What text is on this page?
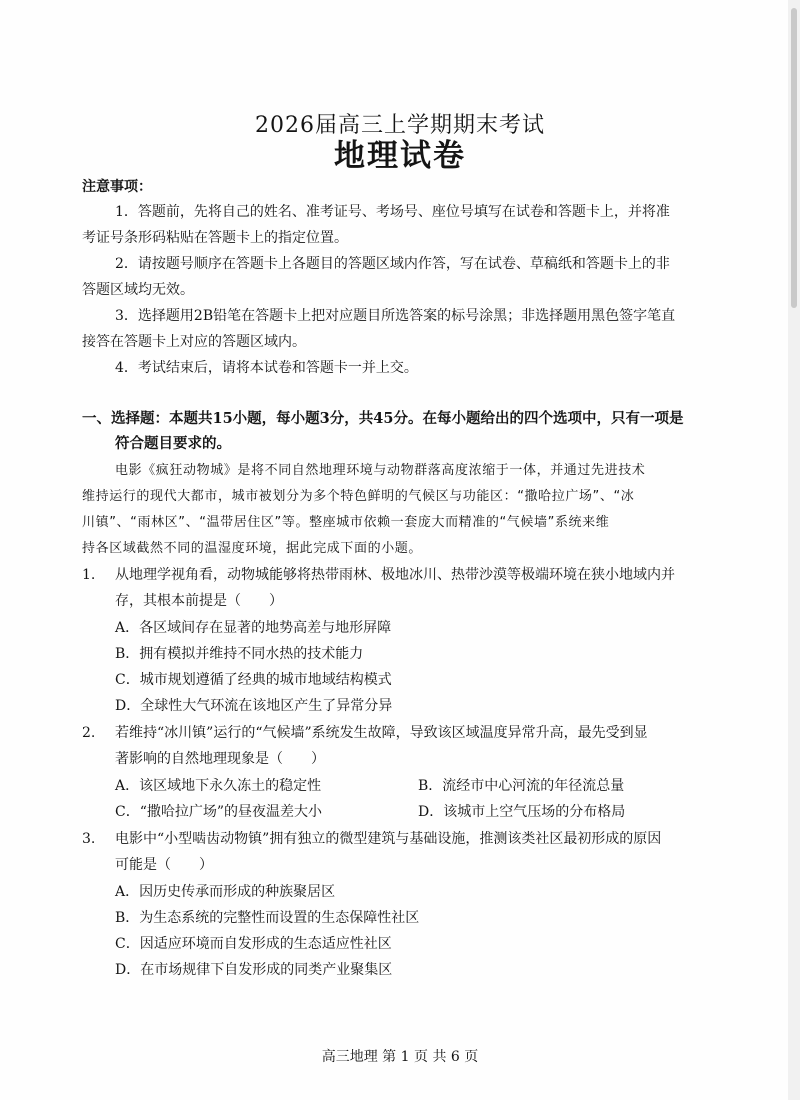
2026届高三上学期期末考试
地理试卷
注意事项：
1．答题前，先将自己的姓名、准考证号、考场号、座位号填写在试卷和答题卡上，并将准
考证号条形码粘贴在答题卡上的指定位置。
2．请按题号顺序在答题卡上各题目的答题区域内作答，写在试卷、草稿纸和答题卡上的非
答题区域均无效。
3．选择题用2B铅笔在答题卡上把对应题目所选答案的标号涂黑；非选择题用黑色签字笔直
接答在答题卡上对应的答题区域内。
4．考试结束后，请将本试卷和答题卡一并上交。
一、选择题：本题共15小题，每小题3分，共45分。在每小题给出的四个选项中，只有一项是
符合题目要求的。
电影《疯狂动物城》是将不同自然地理环境与动物群落高度浓缩于一体，并通过先进技术
维持运行的现代大都市，城市被划分为多个特色鲜明的气候区与功能区：“撒哈拉广场”、“冰
川镇”、“雨林区”、“温带居住区”等。整座城市依赖一套庞大而精准的“气候墙”系统来维
持各区域截然不同的温湿度环境，据此完成下面的小题。
1. 从地理学视角看，动物城能够将热带雨林、极地冰川、热带沙漠等极端环境在狭小地域内并
存，其根本前提是（　　）
A．各区域间存在显著的地势高差与地形屏障
B．拥有模拟并维持不同水热的技术能力
C．城市规划遵循了经典的城市地域结构模式
D．全球性大气环流在该地区产生了异常分异
2. 若维持“冰川镇”运行的“气候墙”系统发生故障，导致该区域温度异常升高，最先受到显
著影响的自然地理现象是（　　）
A．该区域地下永久冻土的稳定性	B．流经市中心河流的年径流总量
C．“撒哈拉广场”的昼夜温差大小	D．该城市上空气压场的分布格局
3. 电影中“小型啮齿动物镇”拥有独立的微型建筑与基础设施，推测该类社区最初形成的原因
可能是（　　）
A．因历史传承而形成的种族聚居区
B．为生态系统的完整性而设置的生态保障性社区
C．因适应环境而自发形成的生态适应性社区
D．在市场规律下自发形成的同类产业聚集区
高三地理 第 1 页 共 6 页
